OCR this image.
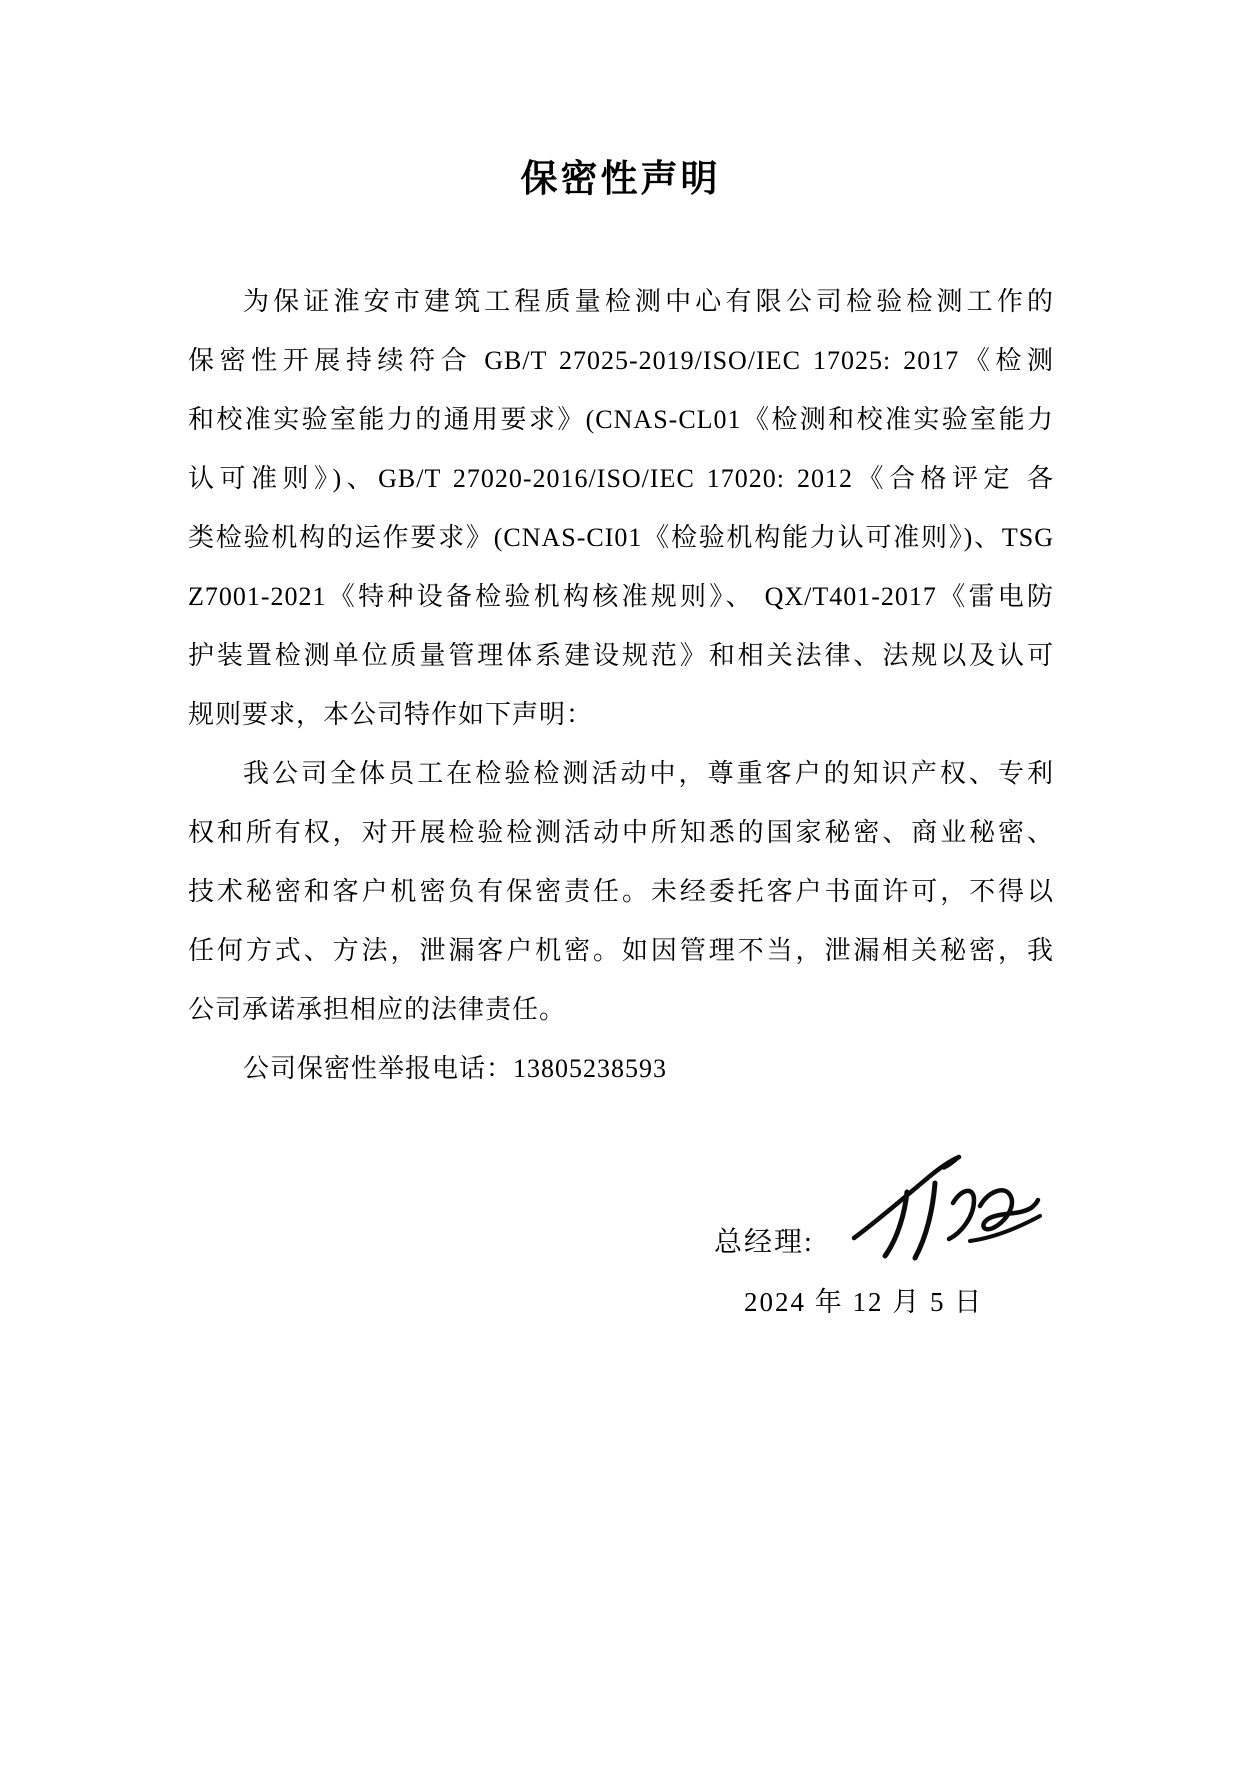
保密性声明
为保证淮安市建筑工程质量检测中心有限公司检验检测工作的
保密性开展持续符合 GB/T 27025-2019/ISO/IEC 17025: 2017《检测
和校准实验室能力的通用要求》(CNAS-CL01《检测和校准实验室能力
认可准则》)、GB/T 27020-2016/ISO/IEC 17020: 2012《合格评定 各
类检验机构的运作要求》(CNAS-CI01《检验机构能力认可准则》)、TSG
Z7001-2021《特种设备检验机构核准规则》、 QX/T401-2017《雷电防
护装置检测单位质量管理体系建设规范》和相关法律、法规以及认可
规则要求，本公司特作如下声明：
我公司全体员工在检验检测活动中，尊重客户的知识产权、专利
权和所有权，对开展检验检测活动中所知悉的国家秘密、商业秘密、
技术秘密和客户机密负有保密责任。未经委托客户书面许可，不得以
任何方式、方法，泄漏客户机密。如因管理不当，泄漏相关秘密，我
公司承诺承担相应的法律责任。
公司保密性举报电话：13805238593
总经理:
2024 年 12 月 5 日
